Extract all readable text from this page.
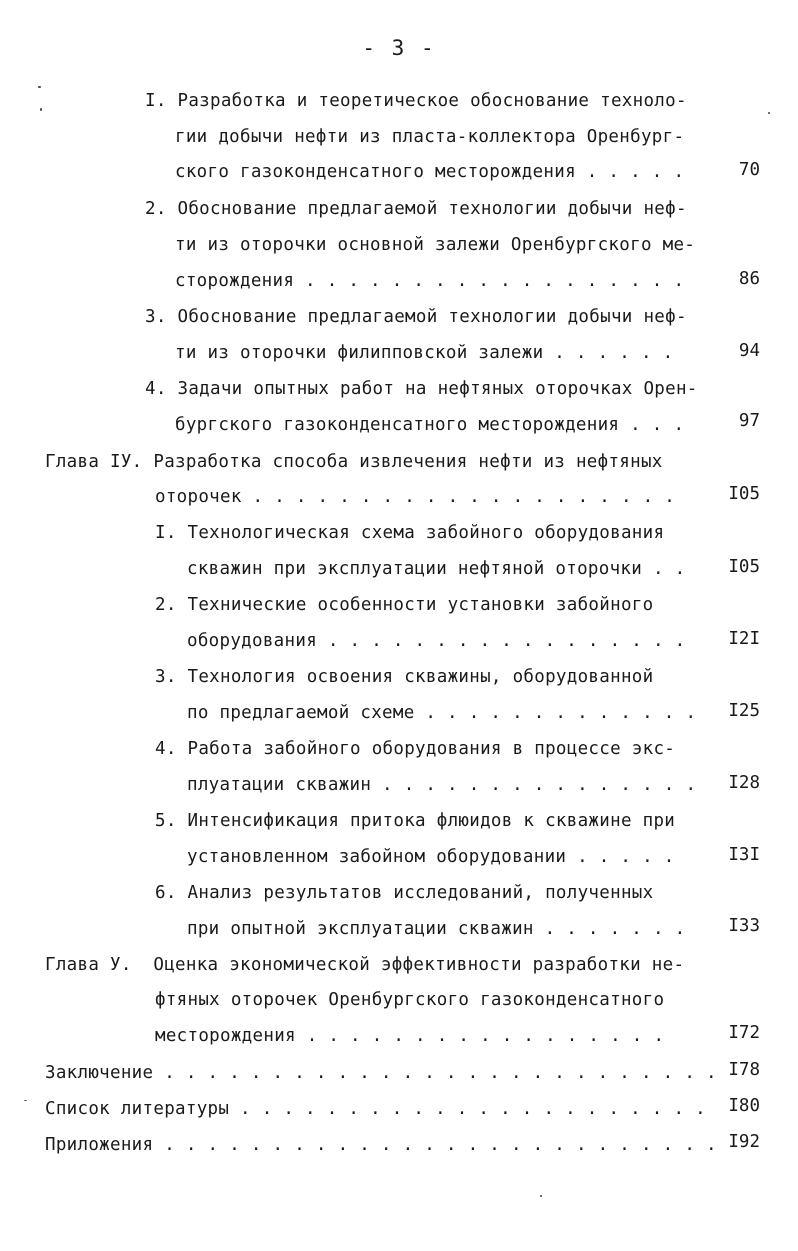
- 3 -
I. Разработка и теоретическое обоснование техноло-
гии добычи нефти из пласта-коллектора Оренбург-
ского газоконденсатного месторождения . . . . .	70
2. Обоснование предлагаемой технологии добычи неф-
ти из оторочки основной залежи Оренбургского ме-
сторождения . . . . . . . . . . . . . . . . . .	86
3. Обоснование предлагаемой технологии добычи неф-
ти из оторочки филипповской залежи . . . . . .	94
4. Задачи опытных работ на нефтяных оторочках Орен-
бургского газоконденсатного месторождения . . .	97
Глава IУ. Разработка способа извлечения нефти из нефтяных
оторочек . . . . . . . . . . . . . . . . . . . .	I05
I. Технологическая схема забойного оборудования
скважин при эксплуатации нефтяной оторочки . .	I05
2. Технические особенности установки забойного
оборудования . . . . . . . . . . . . . . . . .	I2I
3. Технология освоения скважины, оборудованной
по предлагаемой схеме . . . . . . . . . . . . .	I25
4. Работа забойного оборудования в процессе экс-
плуатации скважин . . . . . . . . . . . . . . .	I28
5. Интенсификация притока флюидов к скважине при
установленном забойном оборудовании . . . . .	I3I
6. Анализ результатов исследований, полученных
при опытной эксплуатации скважин . . . . . . .	I33
Глава У.  Оценка экономической эффективности разработки не-
фтяных оторочек Оренбургского газоконденсатного
месторождения . . . . . . . . . . . . . . . . .	I72
Заключение . . . . . . . . . . . . . . . . . . . . . . . . . . I78
Список литературы . . . . . . . . . . . . . . . . . . . . . .	I80
Приложения . . . . . . . . . . . . . . . . . . . . . . . . . . I92
